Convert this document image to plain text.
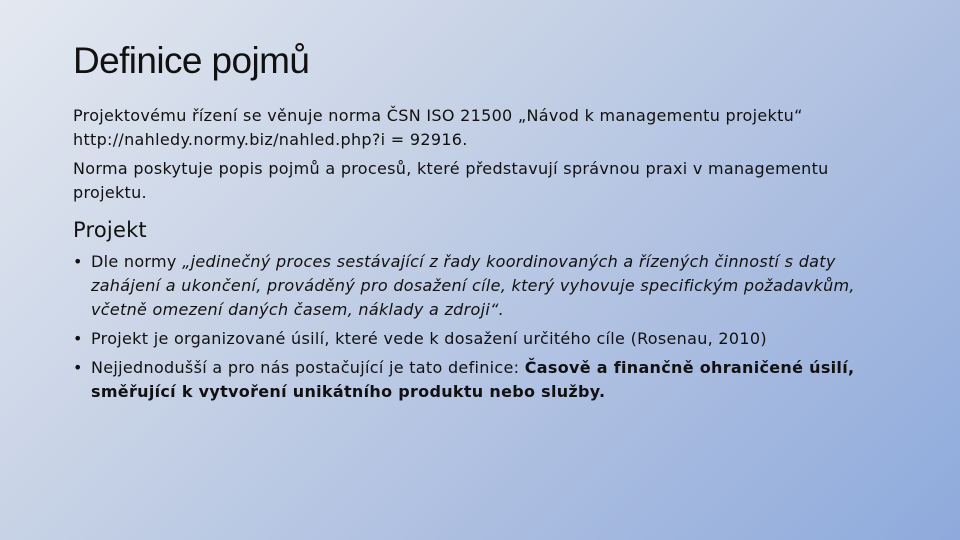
Definice pojmů

Projektovému řízení se věnuje norma ČSN ISO 21500 „Návod k managementu projektu“ http://nahledy.normy.biz/nahled.php?i = 92916.

Norma poskytuje popis pojmů a procesů, které představují správnou praxi v managementu projektu.

Projekt
• Dle normy „jedinečný proces sestávající z řady koordinovaných a řízených činností s daty zahájení a ukončení, prováděný pro dosažení cíle, který vyhovuje specifickým požadavkům, včetně omezení daných časem, náklady a zdroji“.
• Projekt je organizované úsilí, které vede k dosažení určitého cíle (Rosenau, 2010)
• Nejjednodušší a pro nás postačující je tato definice: Časově a finančně ohraničené úsilí, směřující k vytvoření unikátního produktu nebo služby.
